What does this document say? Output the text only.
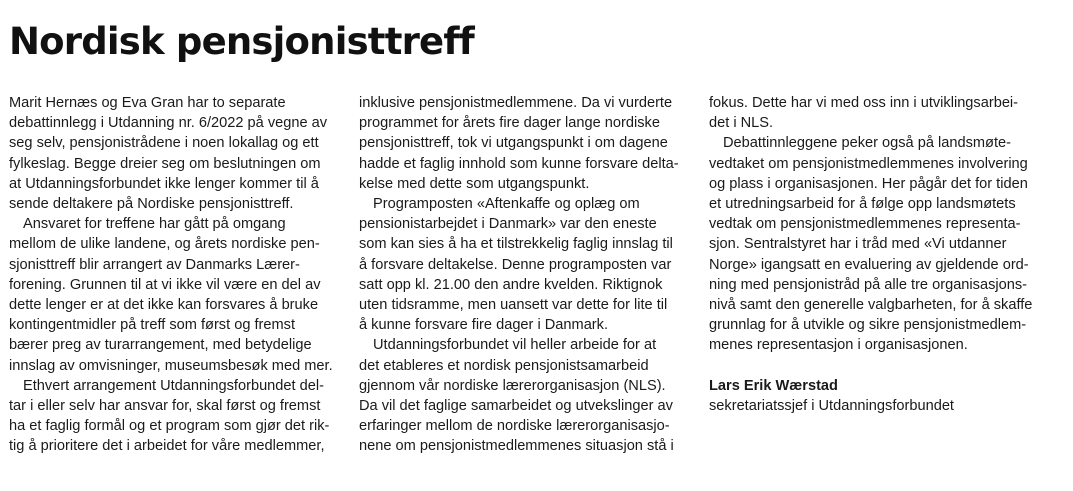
Nordisk pensjonisttreff
Marit Hernæs og Eva Gran har to separate
debattinnlegg i Utdanning nr. 6/2022 på vegne av
seg selv, pensjonistrådene i noen lokallag og ett
fylkeslag. Begge dreier seg om beslutningen om
at Utdanningsforbundet ikke lenger kommer til å
sende deltakere på Nordiske pensjonisttreff.
Ansvaret for treffene har gått på omgang
mellom de ulike landene, og årets nordiske pen-
sjonisttreff blir arrangert av Danmarks Lærer-
forening. Grunnen til at vi ikke vil være en del av
dette lenger er at det ikke kan forsvares å bruke
kontingentmidler på treff som først og fremst
bærer preg av turarrangement, med betydelige
innslag av omvisninger, museumsbesøk med mer.
Ethvert arrangement Utdanningsforbundet del-
tar i eller selv har ansvar for, skal først og fremst
ha et faglig formål og et program som gjør det rik-
tig å prioritere det i arbeidet for våre medlemmer,
inklusive pensjonistmedlemmene. Da vi vurderte
programmet for årets fire dager lange nordiske
pensjonisttreff, tok vi utgangspunkt i om dagene
hadde et faglig innhold som kunne forsvare delta-
kelse med dette som utgangspunkt.
Programposten «Aftenkaffe og oplæg om
pensionistarbejdet i Danmark» var den eneste
som kan sies å ha et tilstrekkelig faglig innslag til
å forsvare deltakelse. Denne programposten var
satt opp kl. 21.00 den andre kvelden. Riktignok
uten tidsramme, men uansett var dette for lite til
å kunne forsvare fire dager i Danmark.
Utdanningsforbundet vil heller arbeide for at
det etableres et nordisk pensjonistsamarbeid
gjennom vår nordiske lærerorganisasjon (NLS).
Da vil det faglige samarbeidet og utvekslinger av
erfaringer mellom de nordiske lærerorganisasjo-
nene om pensjonistmedlemmenes situasjon stå i
fokus. Dette har vi med oss inn i utviklingsarbei-
det i NLS.
Debattinnleggene peker også på landsmøte-
vedtaket om pensjonistmedlemmenes involvering
og plass i organisasjonen. Her pågår det for tiden
et utredningsarbeid for å følge opp landsmøtets
vedtak om pensjonistmedlemmenes representa-
sjon. Sentralstyret har i tråd med «Vi utdanner
Norge» igangsatt en evaluering av gjeldende ord-
ning med pensjonistråd på alle tre organisasjons-
nivå samt den generelle valgbarheten, for å skaffe
grunnlag for å utvikle og sikre pensjonistmedlem-
menes representasjon i organisasjonen.
Lars Erik Wærstad
sekretariatssjef i Utdanningsforbundet
